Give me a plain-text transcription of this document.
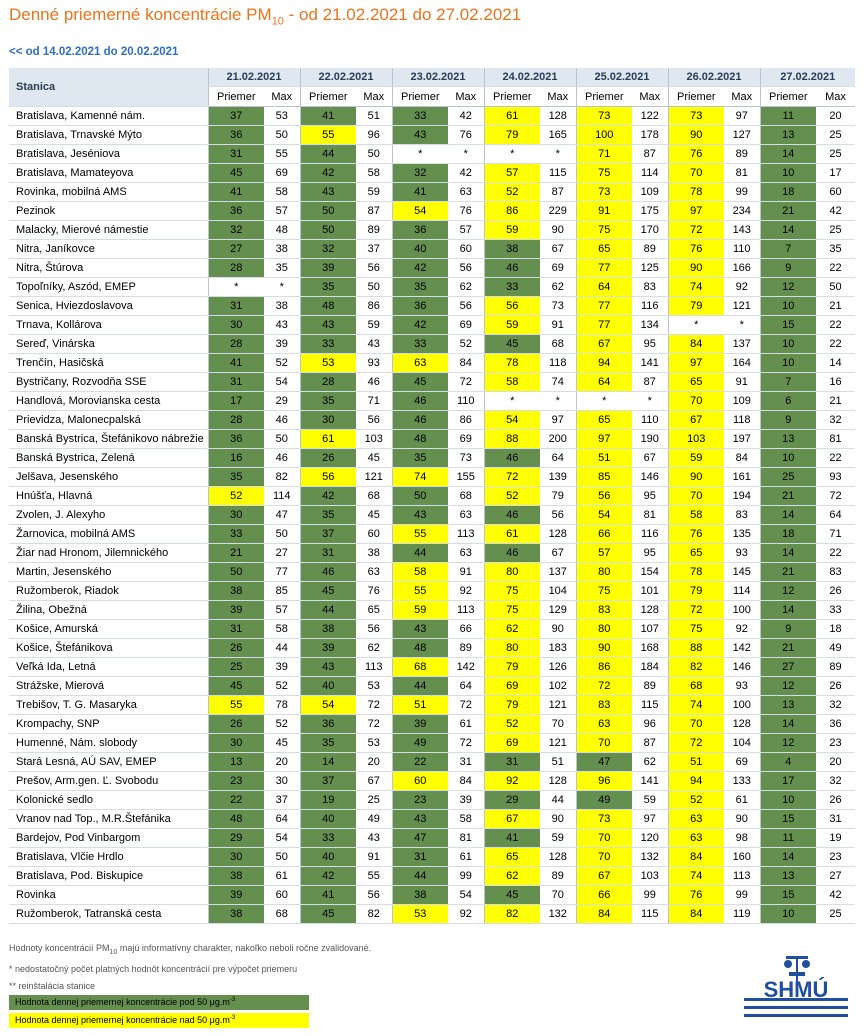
Denné priemerné koncentrácie $PM_{10}$ - od 21.02.2021 do 27.02.2021
<< od 14.02.2021 do 20.02.2021
Stanica	21.02.2021		22.02.2021		23.02.2021		24.02.2021		25.02.2021		26.02.2021		27.02.2021	
	Priemer	Max	Priemer	Max	Priemer	Max	Priemer	Max	Priemer	Max	Priemer	Max	Priemer	Max
Bratislava, Kamenné nám.	37	53	41	51	33	42	61	128	73	122	73	97	11	20
Bratislava, Trnavské Mýto	36	50	55	96	43	76	79	165	100	178	90	127	13	25
Bratislava, Jeséniova	31	55	44	50	*	*	*	*	71	87	76	89	14	25
Bratislava, Mamateyova	45	69	42	58	32	42	57	115	75	114	70	81	10	17
Rovinka, mobilná AMS	41	58	43	59	41	63	52	87	73	109	78	99	18	60
Pezinok	36	57	50	87	54	76	86	229	91	175	97	234	21	42
Malacky, Mierové námestie	32	48	50	89	36	57	59	90	75	170	72	143	14	25
Nitra, Janíkovce	27	38	32	37	40	60	38	67	65	89	76	110	7	35
Nitra, Štúrova	28	35	39	56	42	56	46	69	77	125	90	166	9	22
Topoľníky, Aszód, EMEP	*	*	35	50	35	62	33	62	64	83	74	92	12	50
Senica, Hviezdoslavova	31	38	48	86	36	56	56	73	77	116	79	121	10	21
Trnava, Kollárova	30	43	43	59	42	69	59	91	77	134	*	*	15	22
Sereď, Vinárska	28	39	33	43	33	52	45	68	67	95	84	137	10	22
Trenčín, Hasičská	41	52	53	93	63	84	78	118	94	141	97	164	10	14
Bystričany, Rozvodňa SSE	31	54	28	46	45	72	58	74	64	87	65	91	7	16
Handlová, Morovianska cesta	17	29	35	71	46	110	*	*	*	*	70	109	6	21
Prievidza, Malonecpalská	28	46	30	56	46	86	54	97	65	110	67	118	9	32
Banská Bystrica, Štefánikovo nábrežie	36	50	61	103	48	69	88	200	97	190	103	197	13	81
Banská Bystrica, Zelená	16	46	26	45	35	73	46	64	51	67	59	84	10	22
Jelšava, Jesenského	35	82	56	121	74	155	72	139	85	146	90	161	25	93
Hnúšťa, Hlavná	52	114	42	68	50	68	52	79	56	95	70	194	21	72
Zvolen, J. Alexyho	30	47	35	45	43	63	46	56	54	81	58	83	14	64
Žarnovica, mobilná AMS	33	50	37	60	55	113	61	128	66	116	76	135	18	71
Žiar nad Hronom, Jilemnického	21	27	31	38	44	63	46	67	57	95	65	93	14	22
Martin, Jesenského	50	77	46	63	58	91	80	137	80	154	78	145	21	83
Ružomberok, Riadok	38	85	45	76	55	92	75	104	75	101	79	114	12	26
Žilina, Obežná	39	57	44	65	59	113	75	129	83	128	72	100	14	33
Košice, Amurská	31	58	38	56	43	66	62	90	80	107	75	92	9	18
Košice, Štefánikova	26	44	39	62	48	89	80	183	90	168	88	142	21	49
Veľká Ida, Letná	25	39	43	113	68	142	79	126	86	184	82	146	27	89
Strážske, Mierová	45	52	40	53	44	64	69	102	72	89	68	93	12	26
Trebišov, T. G. Masaryka	55	78	54	72	51	72	79	121	83	115	74	100	13	32
Krompachy, SNP	26	52	36	72	39	61	52	70	63	96	70	128	14	36
Humenné, Nám. slobody	30	45	35	53	49	72	69	121	70	87	72	104	12	23
Stará Lesná, AÚ SAV, EMEP	13	20	14	20	22	31	31	51	47	62	51	69	4	20
Prešov, Arm.gen. Ľ. Svobodu	23	30	37	67	60	84	92	128	96	141	94	133	17	32
Kolonické sedlo	22	37	19	25	23	39	29	44	49	59	52	61	10	26
Vranov nad Top., M.R.Štefánika	48	64	40	49	43	58	67	90	73	97	63	90	15	31
Bardejov, Pod Vinbargom	29	54	33	43	47	81	41	59	70	120	63	98	11	19
Bratislava, Vlčie Hrdlo	30	50	40	91	31	61	65	128	70	132	84	160	14	23
Bratislava, Pod. Biskupice	38	61	42	55	44	99	62	89	67	103	74	113	13	27
Rovinka	39	60	41	56	38	54	45	70	66	99	76	99	15	42
Ružomberok, Tatranská cesta	38	68	45	82	53	92	82	132	84	115	84	119	10	25
Hodnoty koncentrácií $PM_{10}$ majú informatívny charakter, nakoľko neboli ročne zvalidované.
* nedostatočný počet platných hodnôt koncentrácií pre výpočet priemeru
** reinštalácia stanice
Hodnota dennej priemernej koncentrácie pod 50 $\mu g.m^{-3}$
Hodnota dennej priemernej koncentrácie nad 50 $\mu g.m^{-3}$
SHMÚ
